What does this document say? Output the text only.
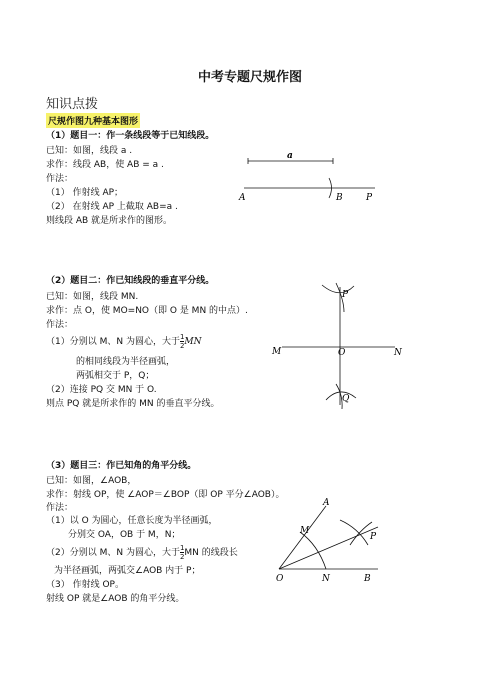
中考专题尺规作图
知识点拨
尺规作图九种基本图形
（1）题目一：作一条线段等于已知线段。
已知：如图，线段 a .
求作：线段 AB，使 AB = a .
作法：
（1） 作射线 AP；
（2） 在射线 AP 上截取 AB=a .
则线段 AB 就是所求作的图形。
（2）题目二：作已知线段的垂直平分线。
已知：如图，线段 MN.
求作：点 O，使 MO=NO（即 O 是 MN 的中点）.
作法：
（1）分别以 M、N 为圆心，大于 $\frac{1}{2}$ MN
的相同线段为半径画弧，
两弧相交于 P，Q；
（2）连接 PQ 交 MN 于 O.
则点 PQ 就是所求作的 MN 的垂直平分线。
（3）题目三：作已知角的角平分线。
已知：如图，∠AOB，
求作：射线 OP，使 ∠AOP＝∠BOP（即 OP 平分∠AOB）。
作法：
（1）以 O 为圆心，任意长度为半径画弧，
分别交 OA，OB 于 M，N；
（2）分别以 M、N 为圆心，大于 $\frac{1}{2}$ MN 的线段长
为半径画弧，两弧交∠AOB 内于 P；
（3） 作射线 OP。
射线 OP 就是∠AOB 的角平分线。
a
A	B	P
P
Q
M	N
O
A
M
P
O	N	B
